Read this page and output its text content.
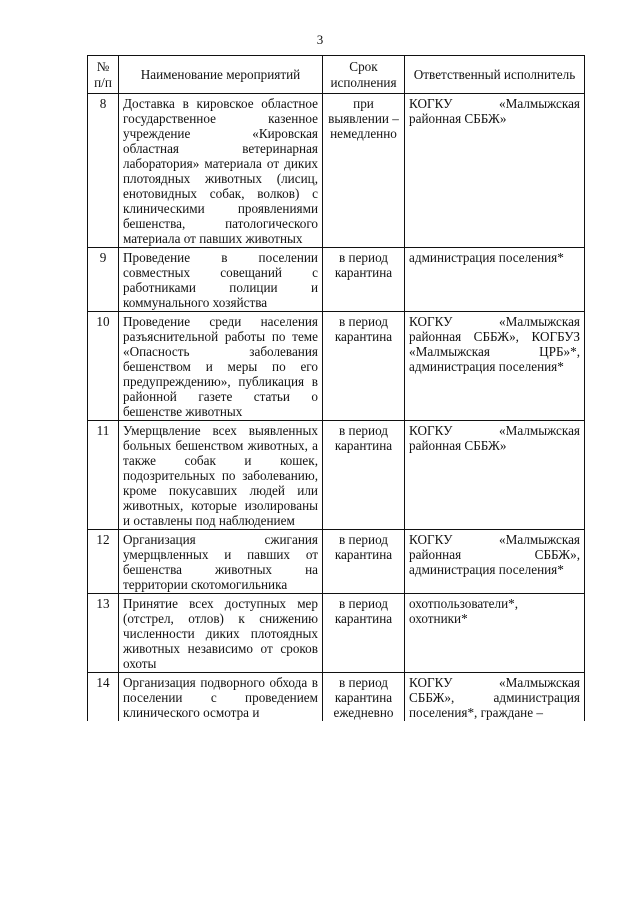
3
№ п/п	Наименование мероприятий	Срок исполнения	Ответственный исполнитель
8	Доставка в кировское областное государственное казенное учреждение «Кировская областная ветеринарная лаборатория» материала от диких плотоядных животных (лисиц, енотовидных собак, волков) с клиническими проявлениями бешенства, патологического материала от павших животных	при выявлении – немедленно	КОГКУ «Малмыжская районная СББЖ»
9	Проведение в поселении совместных совещаний с работниками полиции и коммунального хозяйства	в период карантина	администрация поселения*
10	Проведение среди населения разъяснительной работы по теме «Опасность заболевания бешенством и меры по его предупреждению», публикация в районной газете статьи о бешенстве животных	в период карантина	КОГКУ «Малмыжская районная СББЖ», КОГБУЗ «Малмыжская ЦРБ»*, администрация поселения*
11	Умерщвление всех выявленных больных бешенством животных, а также собак и кошек, подозрительных по заболеванию, кроме покусавших людей или животных, которые изолированы и оставлены под наблюдением	в период карантина	КОГКУ «Малмыжская районная СББЖ»
12	Организация сжигания умерщвленных и павших от бешенства животных на территории скотомогильника	в период карантина	КОГКУ «Малмыжская районная СББЖ», администрация поселения*
13	Принятие всех доступных мер (отстрел, отлов) к снижению численности диких плотоядных животных независимо от сроков охоты	в период карантина	охотпользователи*, охотники*
14	Организация подворного обхода в поселении с проведением клинического осмотра и	в период карантина ежедневно	КОГКУ «Малмыжская СББЖ», администрация поселения*, граждане –
